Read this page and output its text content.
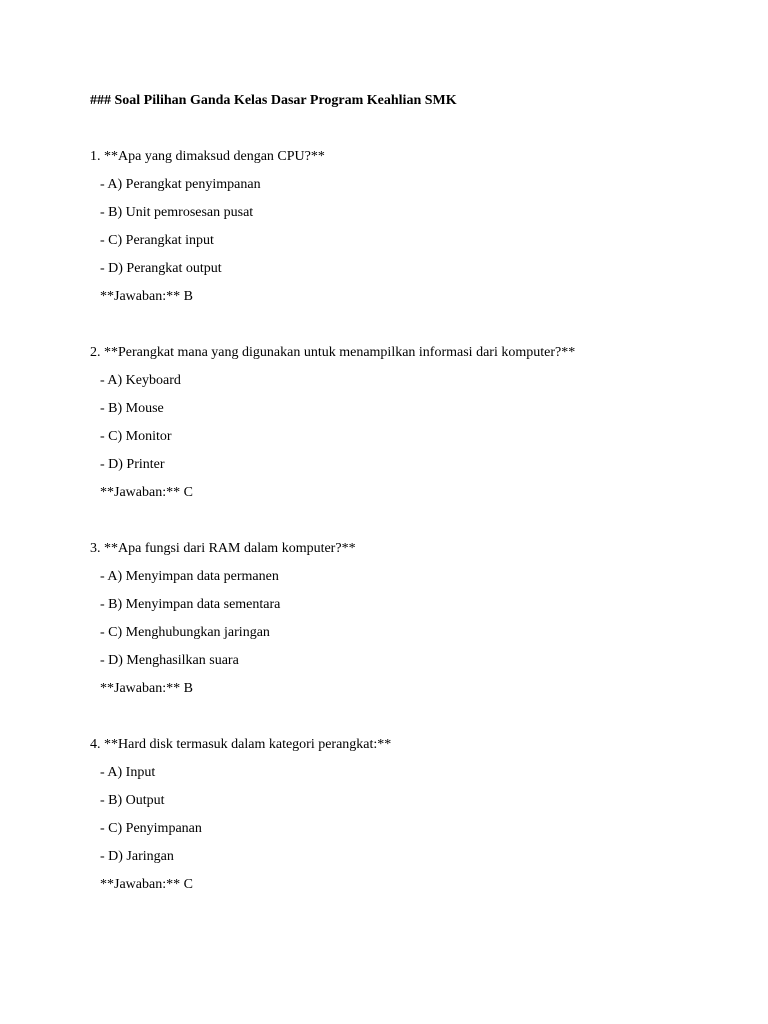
### Soal Pilihan Ganda Kelas Dasar Program Keahlian SMK
1. **Apa yang dimaksud dengan CPU?**
- A) Perangkat penyimpanan
- B) Unit pemrosesan pusat
- C) Perangkat input
- D) Perangkat output
**Jawaban:** B
2. **Perangkat mana yang digunakan untuk menampilkan informasi dari komputer?**
- A) Keyboard
- B) Mouse
- C) Monitor
- D) Printer
**Jawaban:** C
3. **Apa fungsi dari RAM dalam komputer?**
- A) Menyimpan data permanen
- B) Menyimpan data sementara
- C) Menghubungkan jaringan
- D) Menghasilkan suara
**Jawaban:** B
4. **Hard disk termasuk dalam kategori perangkat:**
- A) Input
- B) Output
- C) Penyimpanan
- D) Jaringan
**Jawaban:** C
